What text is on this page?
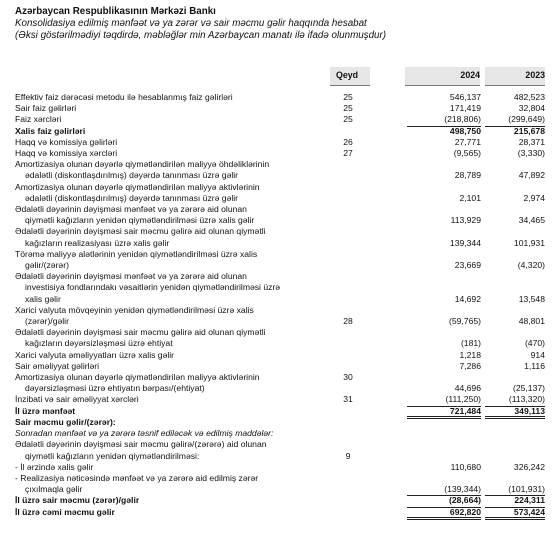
Azərbaycan Respublikasının Mərkəzi Bankı
Konsolidasiya edilmiş mənfəət və ya zərər və sair məcmu gəlir haqqında hesabat
(Əksi göstərilmədiyi təqdirdə, məbləğlər min Azərbaycan manatı ilə ifadə olunmuşdur)
Qeyd	2024	2023
Effektiv faiz dərəcəsi metodu ilə hesablanmış faiz gəlirləri	25	546,137	482,523
Sair faiz gəlirləri	25	171,419	32,804
Faiz xərcləri	25	(218,806)	(299,649)
Xalis faiz gəlirləri	498,750	215,678
Haqq və komissiya gəlirləri	26	27,771	28,371
Haqq və komissiya xərcləri	27	(9,565)	(3,330)
Amortizasiya olunan dəyərlə qiymətləndirilən maliyyə öhdəliklərinin
ədalətli (diskontlaşdırılmış) dəyərdə tanınması üzrə gəlir	28,789	47,892
Amortizasiya olunan dəyərlə qiymətləndirilən maliyyə aktivlərinin
ədalətli (diskontlaşdırılmış) dəyərdə tanınması üzrə gəlir	2,101	2,974
Ədalətli dəyərinin dəyişməsi mənfəət və ya zərərə aid olunan
qiymətli kağızların yenidən qiymətləndirilməsi üzrə xalis gəlir	113,929	34,465
Ədalətli dəyərinin dəyişməsi sair məcmu gəlirə aid olunan qiymətli
kağızların realizasiyası üzrə xalis gəlir	139,344	101,931
Törəmə maliyyə alətlərinin yenidən qiymətləndirilməsi üzrə xalis
gəlir/(zərər)	23,669	(4,320)
Ədalətli dəyərinin dəyişməsi mənfəət və ya zərərə aid olunan
investisiya fondlarındakı vəsaitlərin yenidən qiymətləndirilməsi üzrə
xalis gəlir	14,692	13,548
Xarici valyuta mövqeyinin yenidən qiymətləndirilməsi üzrə xalis
(zərər)/gəlir	28	(59,765)	48,801
Ədalətli dəyərinin dəyişməsi sair məcmu gəlirə aid olunan qiymətli
kağızların dəyərsizləşməsi üzrə ehtiyat	(181)	(470)
Xarici valyuta əməliyyatları üzrə xalis gəlir	1,218	914
Sair əməliyyat gəlirləri	7,286	1,116
Amortizasiya olunan dəyərlə qiymətləndirilən maliyyə aktivlərinin	30
dəyərsizləşməsi üzrə ehtiyatın bərpası/(ehtiyat)	44,696	(25,137)
İnzibati və sair əməliyyat xərcləri	31	(111,250)	(113,320)
İl üzrə mənfəət	721,484	349,113
Sair məcmu gəlir/(zərər):
Sonradan mənfəət və ya zərərə təsnif ediləcək və edilmiş maddələr:
Ədalətli dəyərinin dəyişməsi sair məcmu gəlirə/(zərərə) aid olunan
qiymətli kağızların yenidən qiymətləndirilməsi:	9
- İl ərzində xalis gəlir	110,680	326,242
- Realizasiya nəticəsində mənfəət və ya zərərə aid edilmiş zərər
çıxılmaqla gəlir	(139,344)	(101,931)
İl üzrə sair məcmu (zərər)/gəlir	(28,664)	224,311
İl üzrə cəmi məcmu gəlir	692,820	573,424
